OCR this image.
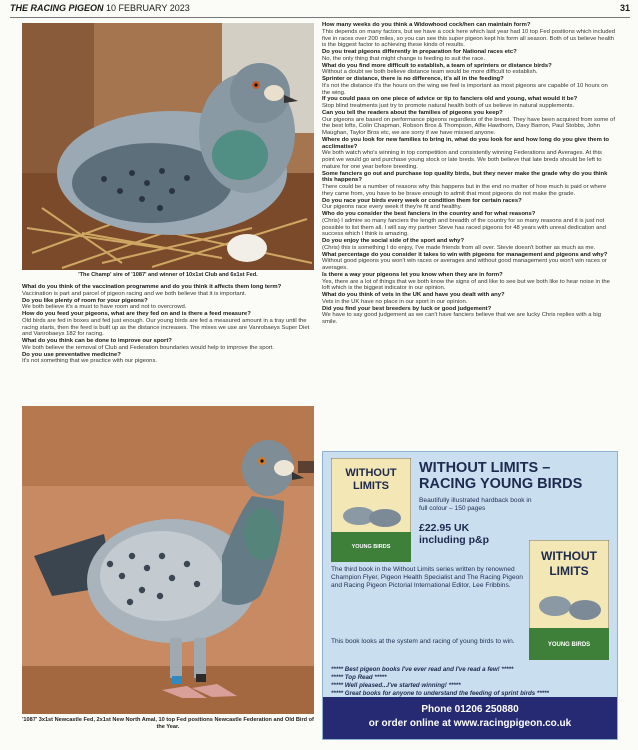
THE RACING PIGEON 10 FEBRUARY 2023	31
'The Champ' sire of '1087' and winner of 10x1st Club and 6x1st Fed.

What do you think of the vaccination programme and do you think it affects them long term?

Vaccination is part and parcel of pigeon racing and we both believe that it is important.

Do you like plenty of room for your pigeons?

We both believe it's a must to have room and not to overcrowd.

How do you feed your pigeons, what are they fed on and is there a feed measure?

Old birds are fed in boxes and fed just enough. Our young birds are fed a measured amount in a tray until the racing starts, then the feed is built up as the distance increases. The mixes we use are Vanrobaeys Super Diet and Vanrobaeys 182 for racing.

What do you think can be done to improve our sport?

We both believe the removal of Club and Federation boundaries would help to improve the sport.

Do you use preventative medicine?

It's not something that we practice with our pigeons.

'1087' 3x1st Newcastle Fed, 2x1st New North Amal, 10 top Fed positions Newcastle Federation and Old Bird of the Year.

How many weeks do you think a Widowhood cock/hen can maintain form?

This depends on many factors, but we have a cock here which last year had 10 top Fed positions which included five in races over 200 miles, so you can see this super pigeon kept his form all season. Both of us believe health is the biggest factor to achieving these kinds of results.

Do you treat pigeons differently in preparation for National races etc?

No, the only thing that might change is feeding to suit the race.

What do you find more difficult to establish, a team of sprinters or distance birds?

Without a doubt we both believe distance team would be more difficult to establish.

Sprinter or distance, there is no difference, it's all in the feeding?

It's not the distance it's the hours on the wing we feel is important as most pigeons are capable of 10 hours on the wing.

If you could pass on one piece of advice or tip to fanciers old and young, what would it be?

Stop blind treatments just try to promote natural health both of us believe in natural supplements.

Can you tell the readers about the families of pigeons you keep?

Our pigeons are based on performance pigeons regardless of the breed. They have been acquired from some of the best lofts, Colin Chapman, Robson Bros & Thompson, Alfie Hawthorn, Davy Barron, Paul Stobbs, John Maughan, Taylor Bros etc, we are sorry if we have missed anyone.

Where do you look for new families to bring in, what do you look for and how long do you give them to acclimatise?

We both watch who's winning in top competition and consistently winning Federations and Averages. At this point we would go and purchase young stock or late breds. We both believe that late breds should be left to mature for one year before breeding.

Some fanciers go out and purchase top quality birds, but they never make the grade why do you think this happens?

There could be a number of reasons why this happens but in the end no matter of how much is paid or where they came from, you have to be brave enough to admit that most pigeons do not make the grade.

Do you race your birds every week or condition them for certain races?

Our pigeons race every week if they're fit and healthy.

Who do you consider the best fanciers in the country and for what reasons?

(Chris) I admire so many fanciers the length and breadth of the country for so many reasons and it is just not possible to list them all. I will say my partner Steve has raced pigeons for 48 years with unreal dedication and success which I think is amazing.

Do you enjoy the social side of the sport and why?

(Chris) this is something I do enjoy, I've made friends from all over. Stevie doesn't bother as much as me.

What percentage do you consider it takes to win with pigeons for management and pigeons and why?

Without good pigeons you won't win races or averages and without good management you won't win races or averages.

Is there a way your pigeons let you know when they are in form?

Yes, there are a lot of things that we both know the signs of and like to see but we both like to hear noise in the loft which is the biggest indicator in our opinion.

What do you think of vets in the UK and have you dealt with any?

Vets in the UK have no place in our sport in our opinion.

Did you find your best breeders by luck or good judgement?

We have to say good judgement as we can't have fanciers believe that we are lucky Chris replies with a big smile.

WITHOUT
LIMITS
YOUNG BIRDS
WITHOUT LIMITS –
RACING YOUNG BIRDS
Beautifully illustrated hardback book in full colour – 150 pages
£22.95 UK
including p&p
The third book in the Without Limits series written by renowned Champion Flyer, Pigeon Health Specialist and The Racing Pigeon and Racing Pigeon Pictorial International Editor, Lee Fribbins.
This book looks at the system and racing of young birds to win.
WITHOUT
LIMITS
YOUNG BIRDS
***** Best pigeon books I've ever read and I've read a few! *****
***** Top Read *****
***** Well pleased...I've started winning! *****
***** Great books for anyone to understand the feeding of sprint birds *****
Phone 01206 250880
or order online at www.racingpigeon.co.uk
